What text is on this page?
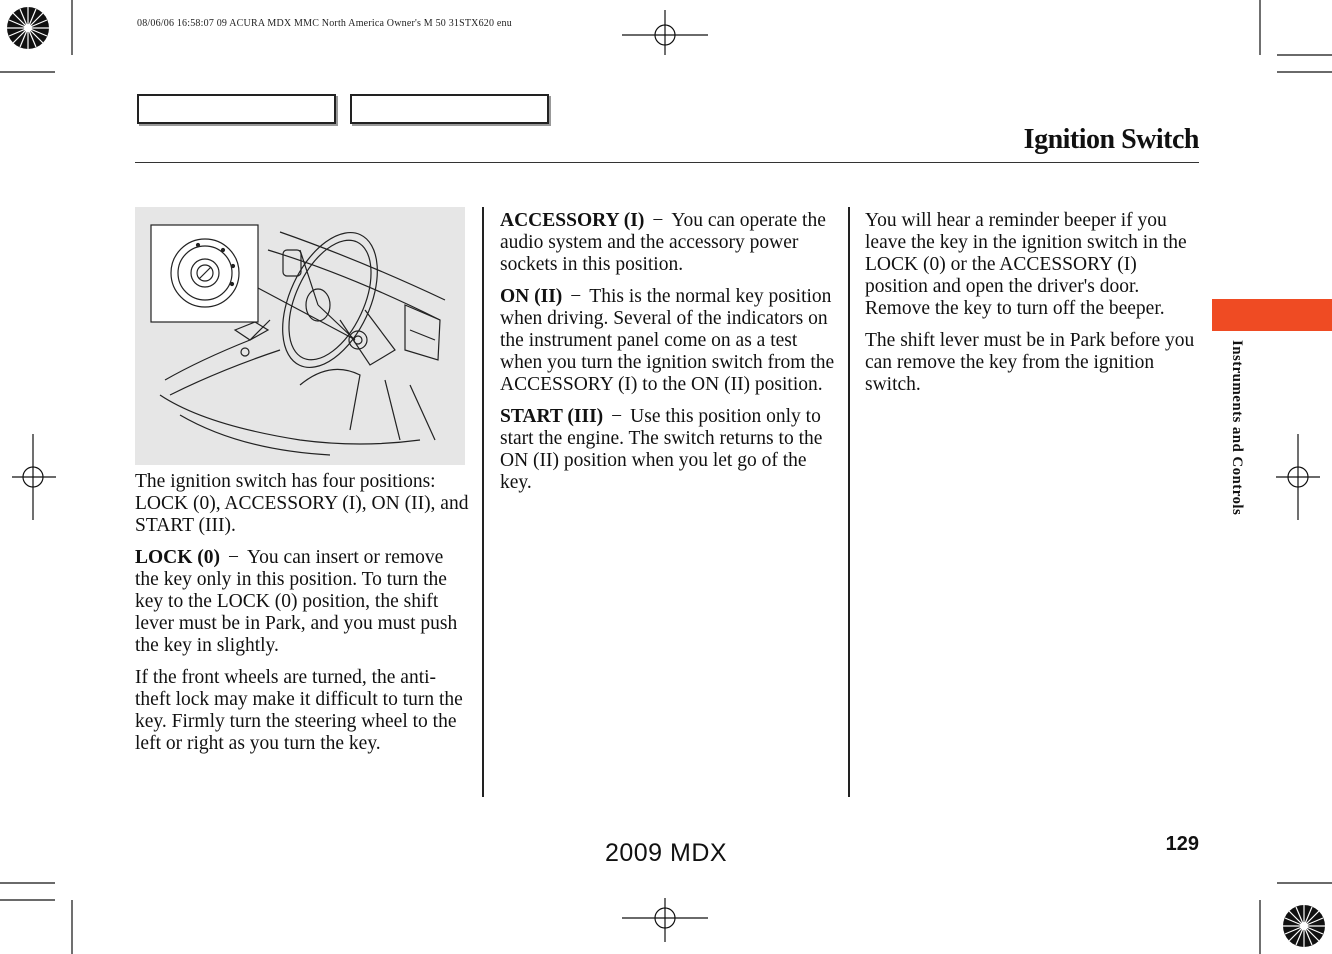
08/06/06 16:58:07 09 ACURA MDX MMC North America Owner's M 50 31STX620 enu
Ignition Switch

The ignition switch has four positions: LOCK (0), ACCESSORY (I), ON (II), and START (III).

LOCK (0) − You can insert or remove the key only in this position. To turn the key to the LOCK (0) position, the shift lever must be in Park, and you must push the key in slightly.

If the front wheels are turned, the anti-theft lock may make it difficult to turn the key. Firmly turn the steering wheel to the left or right as you turn the key.

ACCESSORY (I) − You can operate the audio system and the accessory power sockets in this position.

ON (II) − This is the normal key position when driving. Several of the indicators on the instrument panel come on as a test when you turn the ignition switch from the ACCESSORY (I) to the ON (II) position.

START (III) − Use this position only to start the engine. The switch returns to the ON (II) position when you let go of the key.

You will hear a reminder beeper if you leave the key in the ignition switch in the LOCK (0) or the ACCESSORY (I) position and open the driver's door. Remove the key to turn off the beeper.

The shift lever must be in Park before you can remove the key from the ignition switch.	Instruments and Controls
129
2009 MDX
